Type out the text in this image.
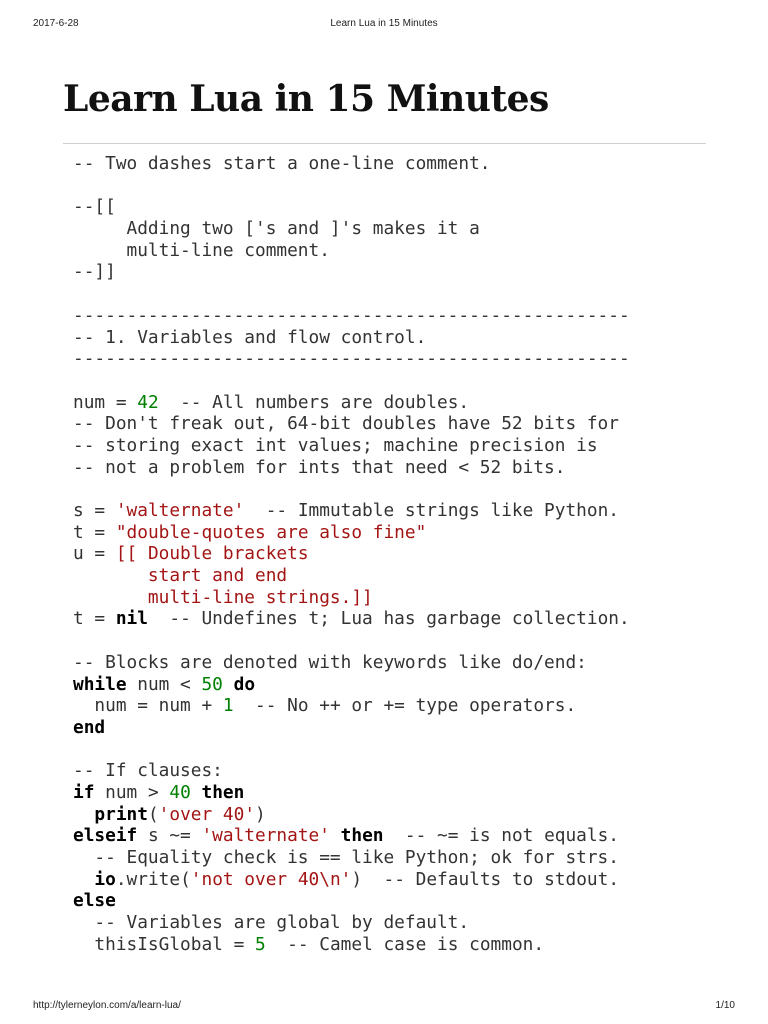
2017-6-28	Learn Lua in 15 Minutes
Learn Lua in 15 Minutes
-- Two dashes start a one-line comment.

--[[
Adding two ['s and ]'s makes it a
multi-line comment.
--]]

----------------------------------------------------
-- 1. Variables and flow control.
----------------------------------------------------

num = 42  -- All numbers are doubles.
-- Don't freak out, 64-bit doubles have 52 bits for
-- storing exact int values; machine precision is
-- not a problem for ints that need < 52 bits.

s = 'walternate'  -- Immutable strings like Python.
t = "double-quotes are also fine"
u = [[ Double brackets
start and end
multi-line strings.]]
t = nil  -- Undefines t; Lua has garbage collection.

-- Blocks are denoted with keywords like do/end:
while num < 50 do
num = num + 1  -- No ++ or += type operators.
end

-- If clauses:
if num > 40 then
print('over 40')
elseif s ~= 'walternate' then  -- ~= is not equals.
-- Equality check is == like Python; ok for strs.
io.write('not over 40\n')  -- Defaults to stdout.
else
-- Variables are global by default.
thisIsGlobal = 5  -- Camel case is common.
http://tylerneylon.com/a/learn-lua/	1/10
